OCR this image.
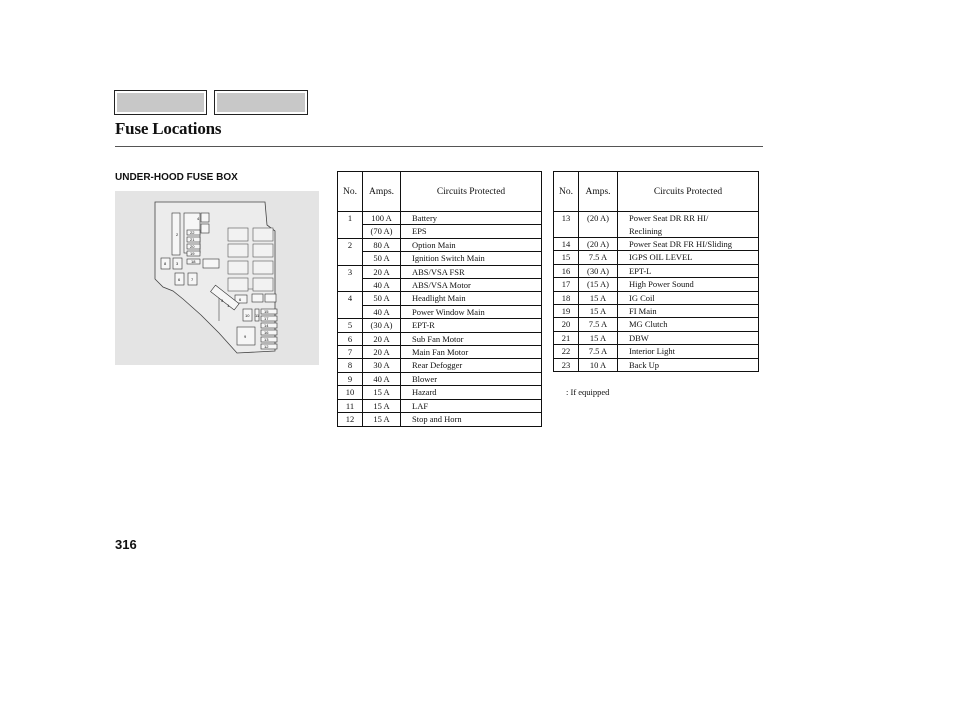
Fuse Locations
UNDER-HOOD FUSE BOX
4
2	22
21
20
19
8 3	18
6	7
6
10 11
15
17
14
16
13
12
9
5
1
No.	Amps.	Circuits Protected
1	100 A	Battery
	(70 A)	EPS
2	80 A	Option Main
	50 A	Ignition Switch Main
3	20 A	ABS/VSA FSR
	40 A	ABS/VSA Motor
4	50 A	Headlight Main
	40 A	Power Window Main
5	(30 A)	EPT-R
6	20 A	Sub Fan Motor
7	20 A	Main Fan Motor
8	30 A	Rear Defogger
9	40 A	Blower
10	15 A	Hazard
11	15 A	LAF
12	15 A	Stop and Horn
No.	Amps.	Circuits Protected
13	(20 A)	Power Seat DR RR HI/
Reclining

14	(20 A)	Power Seat DR FR HI/Sliding
15	7.5 A	IGPS OIL LEVEL
16	(30 A)	EPT-L
17	(15 A)	High Power Sound
18	15 A	IG Coil
19	15 A	FI Main
20	7.5 A	MG Clutch
21	15 A	DBW
22	7.5 A	Interior Light
23	10 A	Back Up
: If equipped
316
